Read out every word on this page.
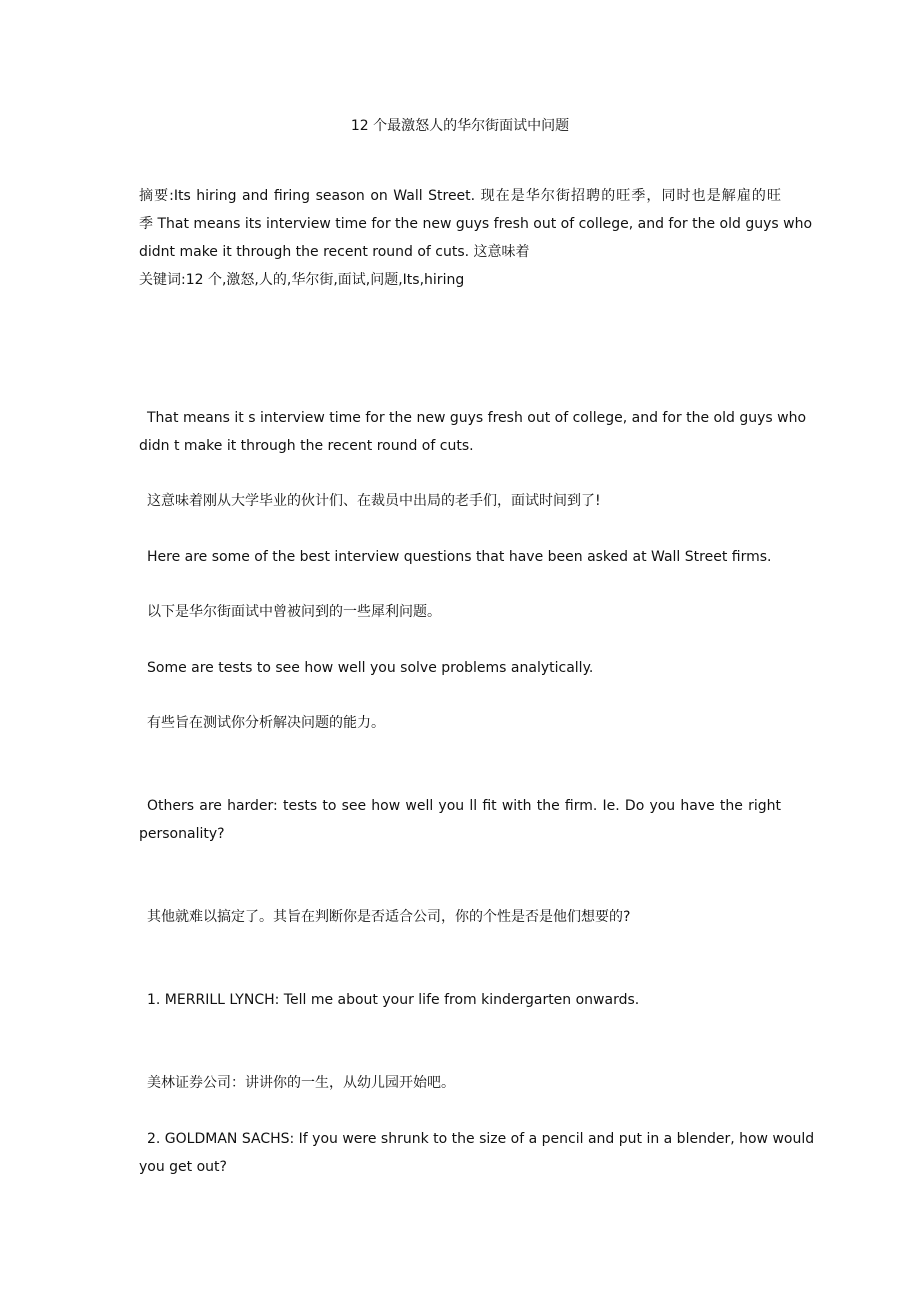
12 个最激怒人的华尔街面试中问题

摘要:Its hiring and firing season on Wall Street. 现在是华尔街招聘的旺季，同时也是解雇的旺

季 That means its interview time for the new guys fresh out of college, and for the old guys who

didnt make it through the recent round of cuts. 这意味着

关键词:12 个,激怒,人的,华尔街,面试,问题,Its,hiring

That means it s interview time for the new guys fresh out of college, and for the old guys who

didn t make it through the recent round of cuts.

这意味着刚从大学毕业的伙计们、在裁员中出局的老手们，面试时间到了!

Here are some of the best interview questions that have been asked at Wall Street firms.

以下是华尔街面试中曾被问到的一些犀利问题。

Some are tests to see how well you solve problems analytically.

有些旨在测试你分析解决问题的能力。

Others are harder: tests to see how well you ll fit with the firm. Ie. Do you have the right

personality?

其他就难以搞定了。其旨在判断你是否适合公司，你的个性是否是他们想要的?

1. MERRILL LYNCH: Tell me about your life from kindergarten onwards.

美林证券公司：讲讲你的一生，从幼儿园开始吧。

2. GOLDMAN SACHS: If you were shrunk to the size of a pencil and put in a blender, how would

you get out?
